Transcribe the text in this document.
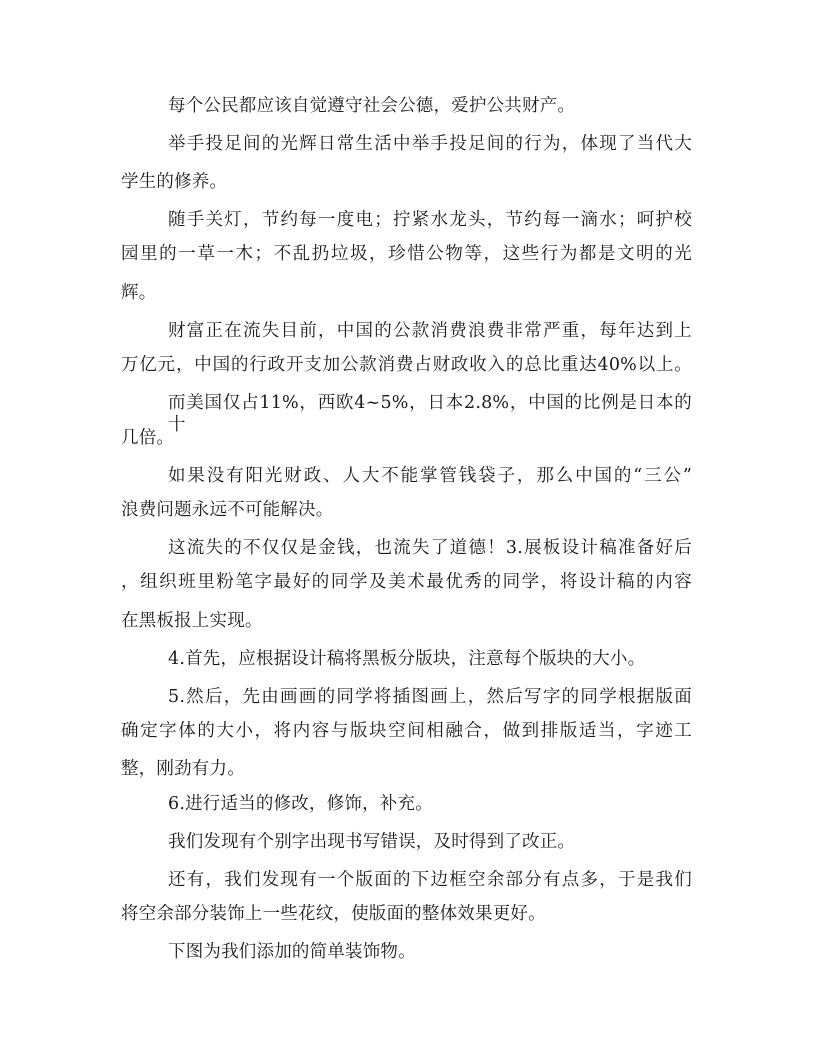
每个公民都应该自觉遵守社会公德，爱护公共财产。
举手投足间的光辉日常生活中举手投足间的行为，体现了当代大
学生的修养。
随手关灯，节约每一度电；拧紧水龙头，节约每一滴水；呵护校
园里的一草一木；不乱扔垃圾，珍惜公物等，这些行为都是文明的光
辉。
财富正在流失目前，中国的公款消费浪费非常严重，每年达到上
万亿元，中国的行政开支加公款消费占财政收入的总比重达40%以上。
而美国仅占11%，西欧4~5%，日本2.8%，中国的比例是日本的十
几倍。
如果没有阳光财政、人大不能掌管钱袋子，那么中国的“三公”
浪费问题永远不可能解决。
这流失的不仅仅是金钱，也流失了道德！3.展板设计稿准备好后
，组织班里粉笔字最好的同学及美术最优秀的同学，将设计稿的内容
在黑板报上实现。
4.首先，应根据设计稿将黑板分版块，注意每个版块的大小。
5.然后，先由画画的同学将插图画上，然后写字的同学根据版面
确定字体的大小，将内容与版块空间相融合，做到排版适当，字迹工
整，刚劲有力。
6.进行适当的修改，修饰，补充。
我们发现有个别字出现书写错误，及时得到了改正。
还有，我们发现有一个版面的下边框空余部分有点多，于是我们
将空余部分装饰上一些花纹，使版面的整体效果更好。
下图为我们添加的简单装饰物。
